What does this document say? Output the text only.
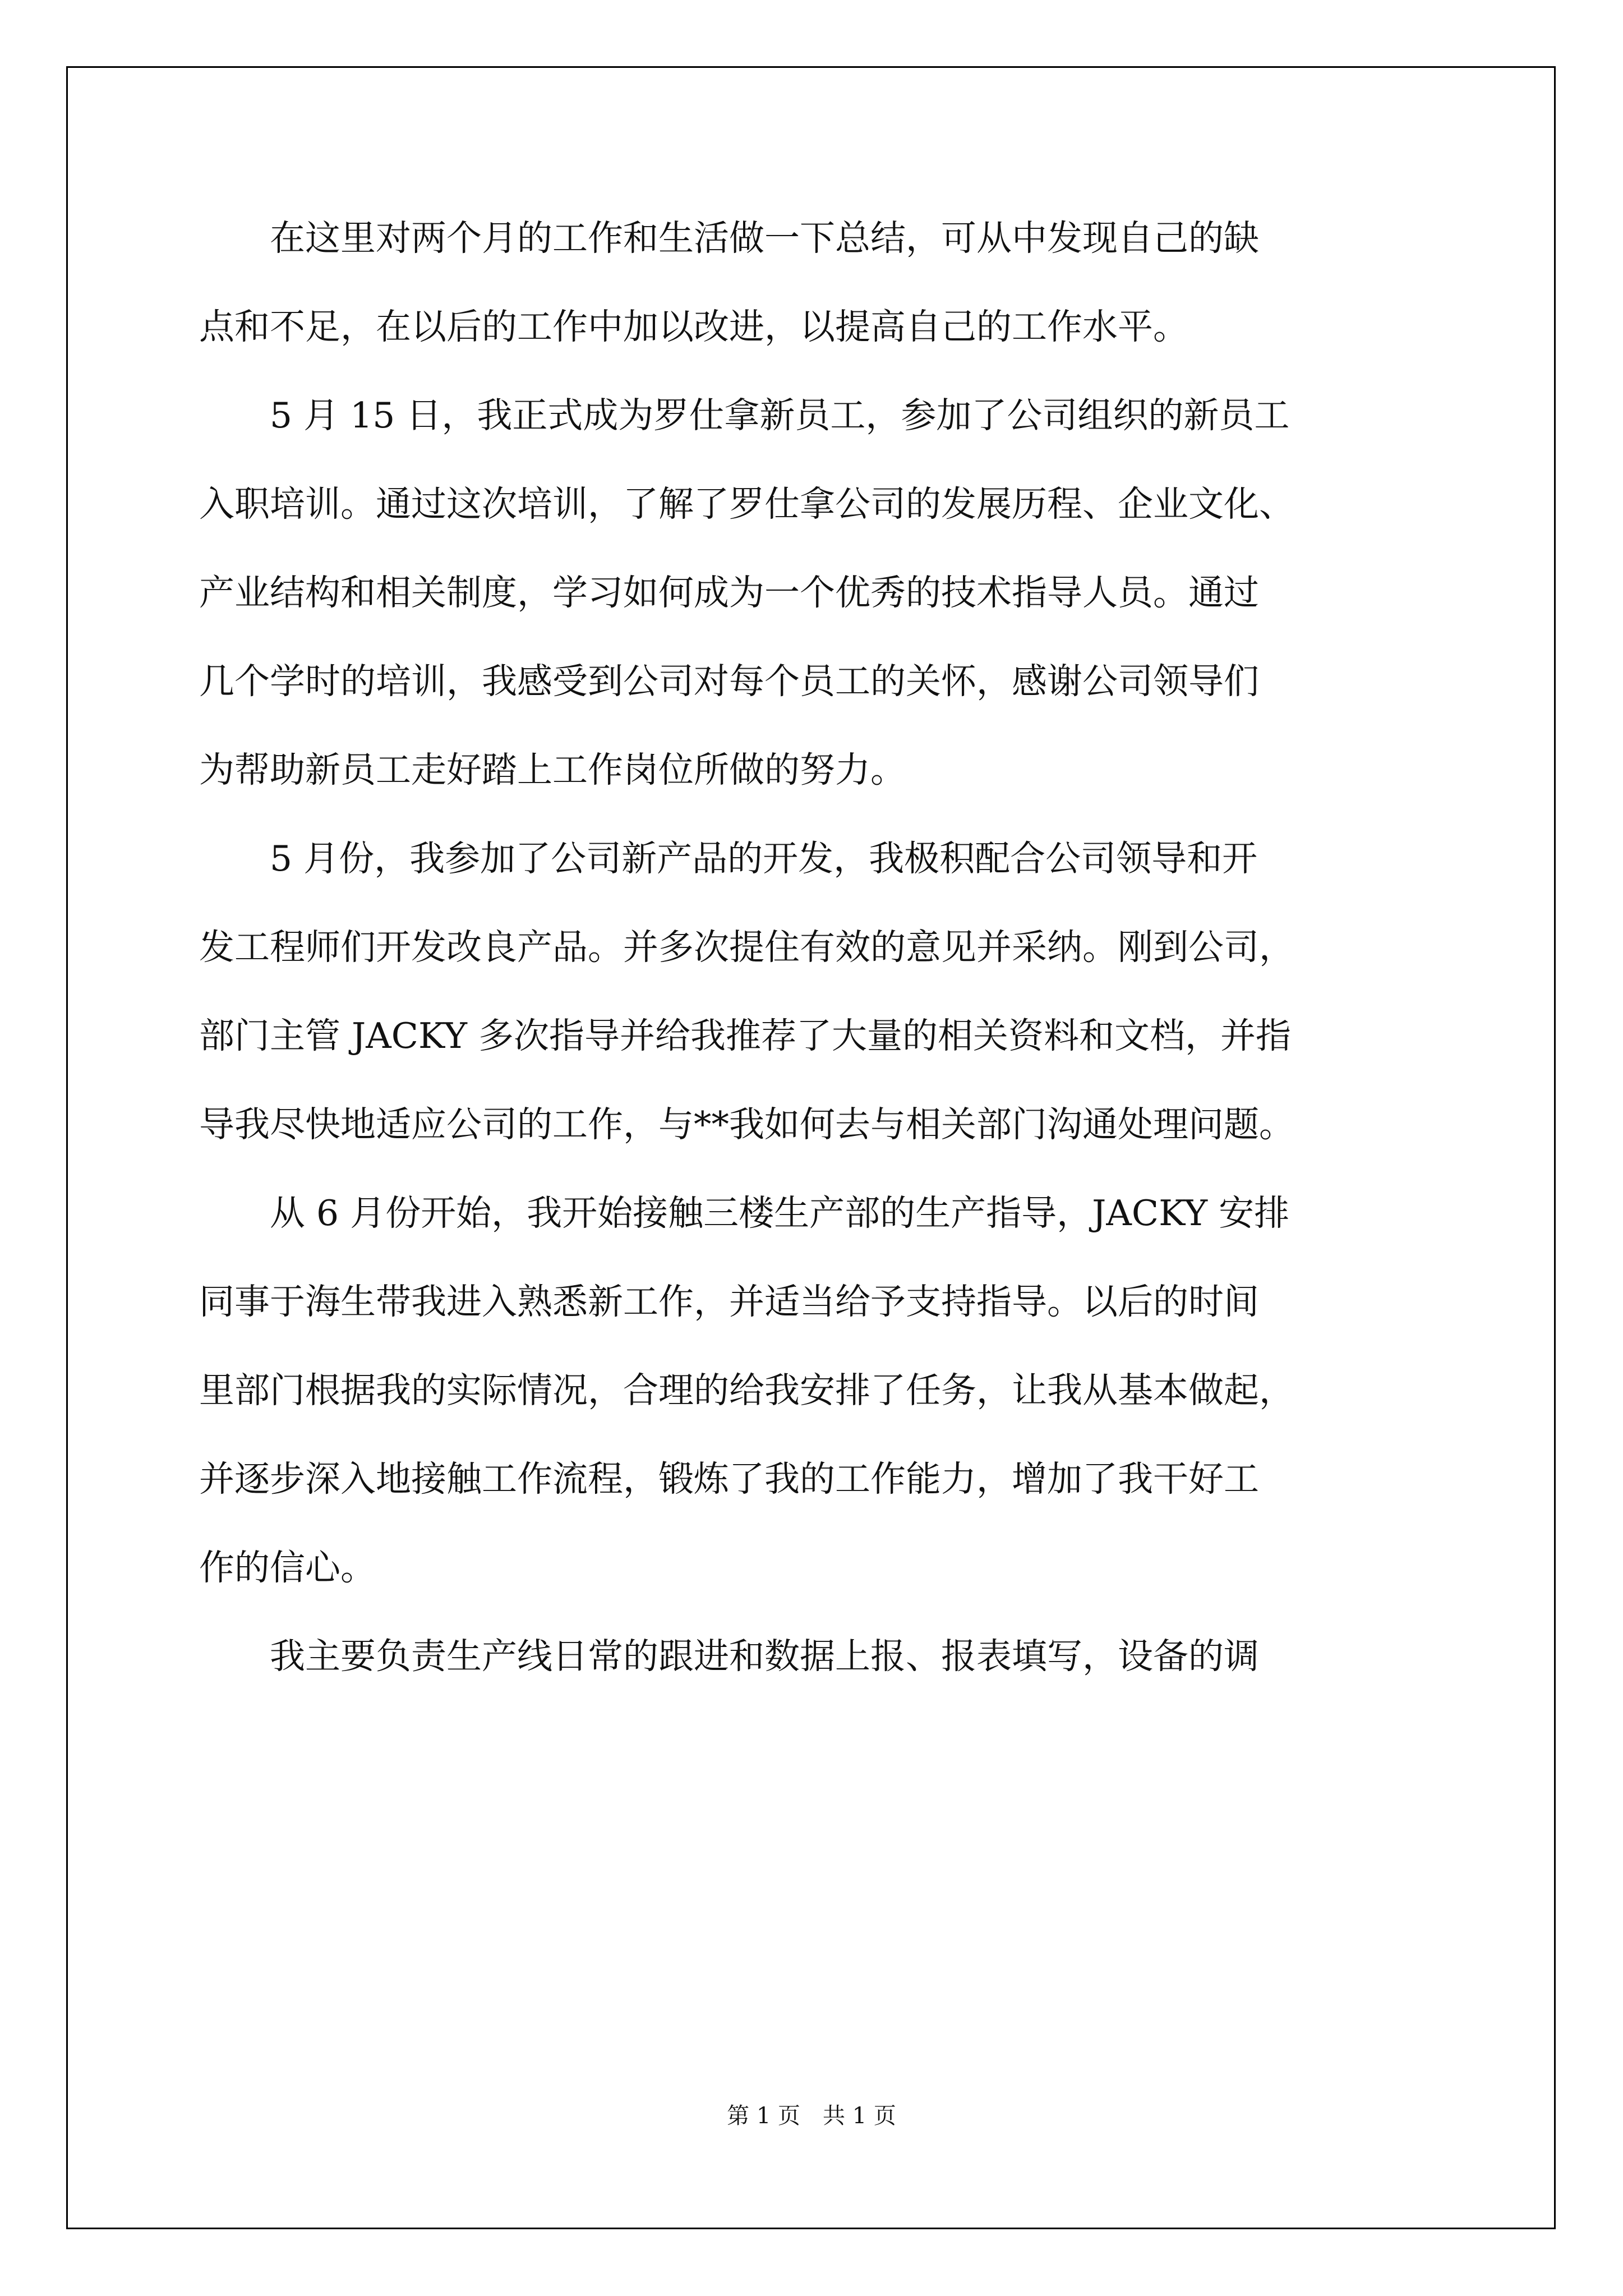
　　在这里对两个月的工作和生活做一下总结，可从中发现自己的缺
点和不足，在以后的工作中加以改进，以提高自己的工作水平。
　　5 月 15 日，我正式成为罗仕拿新员工，参加了公司组织的新员工
入职培训。通过这次培训，了解了罗仕拿公司的发展历程、企业文化、
产业结构和相关制度，学习如何成为一个优秀的技术指导人员。通过
几个学时的培训，我感受到公司对每个员工的关怀，感谢公司领导们
为帮助新员工走好踏上工作岗位所做的努力。
　　5 月份，我参加了公司新产品的开发，我极积配合公司领导和开
发工程师们开发改良产品。并多次提住有效的意见并采纳。刚到公司，
部门主管 JACKY 多次指导并给我推荐了大量的相关资料和文档，并指
导我尽快地适应公司的工作，与**我如何去与相关部门沟通处理问题。
　　从 6 月份开始，我开始接触三楼生产部的生产指导，JACKY 安排
同事于海生带我进入熟悉新工作，并适当给予支持指导。以后的时间
里部门根据我的实际情况，合理的给我安排了任务，让我从基本做起，
并逐步深入地接触工作流程，锻炼了我的工作能力，增加了我干好工
作的信心。
　　我主要负责生产线日常的跟进和数据上报、报表填写，设备的调
第 1 页　共 1 页
